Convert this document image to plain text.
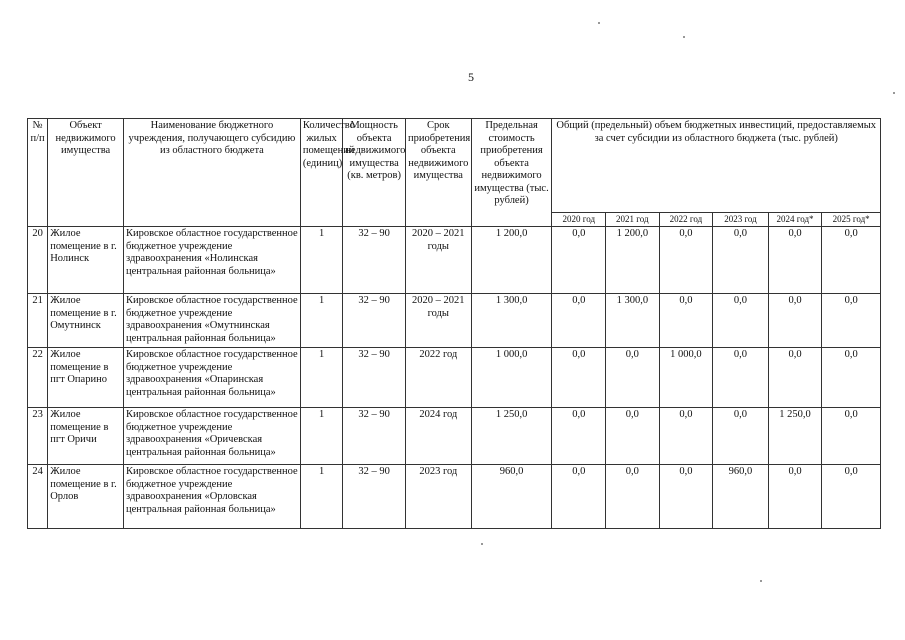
5
№ п/п	Объект недвижимого имущества	Наименование бюджетного учреждения, получающего субсидию из областного бюджета	Количество жилых помещений (единиц)	Мощность объекта недвижимого имущества (кв. метров)	Срок приобретения объекта недвижимого имущества	Предельная стоимость приобретения объекта недвижимого имущества (тыс. рублей)	Общий (предельный) объем бюджетных инвестиций, предоставляемых за счет субсидии из областного бюджета (тыс. рублей)					
							2020 год	2021 год	2022 год	2023 год	2024 год*	2025 год*
20	Жилое помещение в г. Нолинск	Кировское областное государственное бюджетное учреждение здравоохранения «Нолинская центральная районная больница»	1	32 – 90	2020 – 2021 годы	1 200,0	0,0	1 200,0	0,0	0,0	0,0	0,0
21	Жилое помещение в г. Омутнинск	Кировское областное государственное бюджетное учреждение здравоохранения «Омутнинская центральная районная больница»	1	32 – 90	2020 – 2021 годы	1 300,0	0,0	1 300,0	0,0	0,0	0,0	0,0
22	Жилое помещение в пгт Опарино	Кировское областное государственное бюджетное учреждение здравоохранения «Опаринская центральная районная больница»	1	32 – 90	2022 год	1 000,0	0,0	0,0	1 000,0	0,0	0,0	0,0
23	Жилое помещение в пгт Оричи	Кировское областное государственное бюджетное учреждение здравоохранения «Оричевская центральная районная больница»	1	32 – 90	2024 год	1 250,0	0,0	0,0	0,0	0,0	1 250,0	0,0
24	Жилое помещение в г. Орлов	Кировское областное государственное бюджетное учреждение здравоохранения «Орловская центральная районная больница»	1	32 – 90	2023 год	960,0	0,0	0,0	0,0	960,0	0,0	0,0
